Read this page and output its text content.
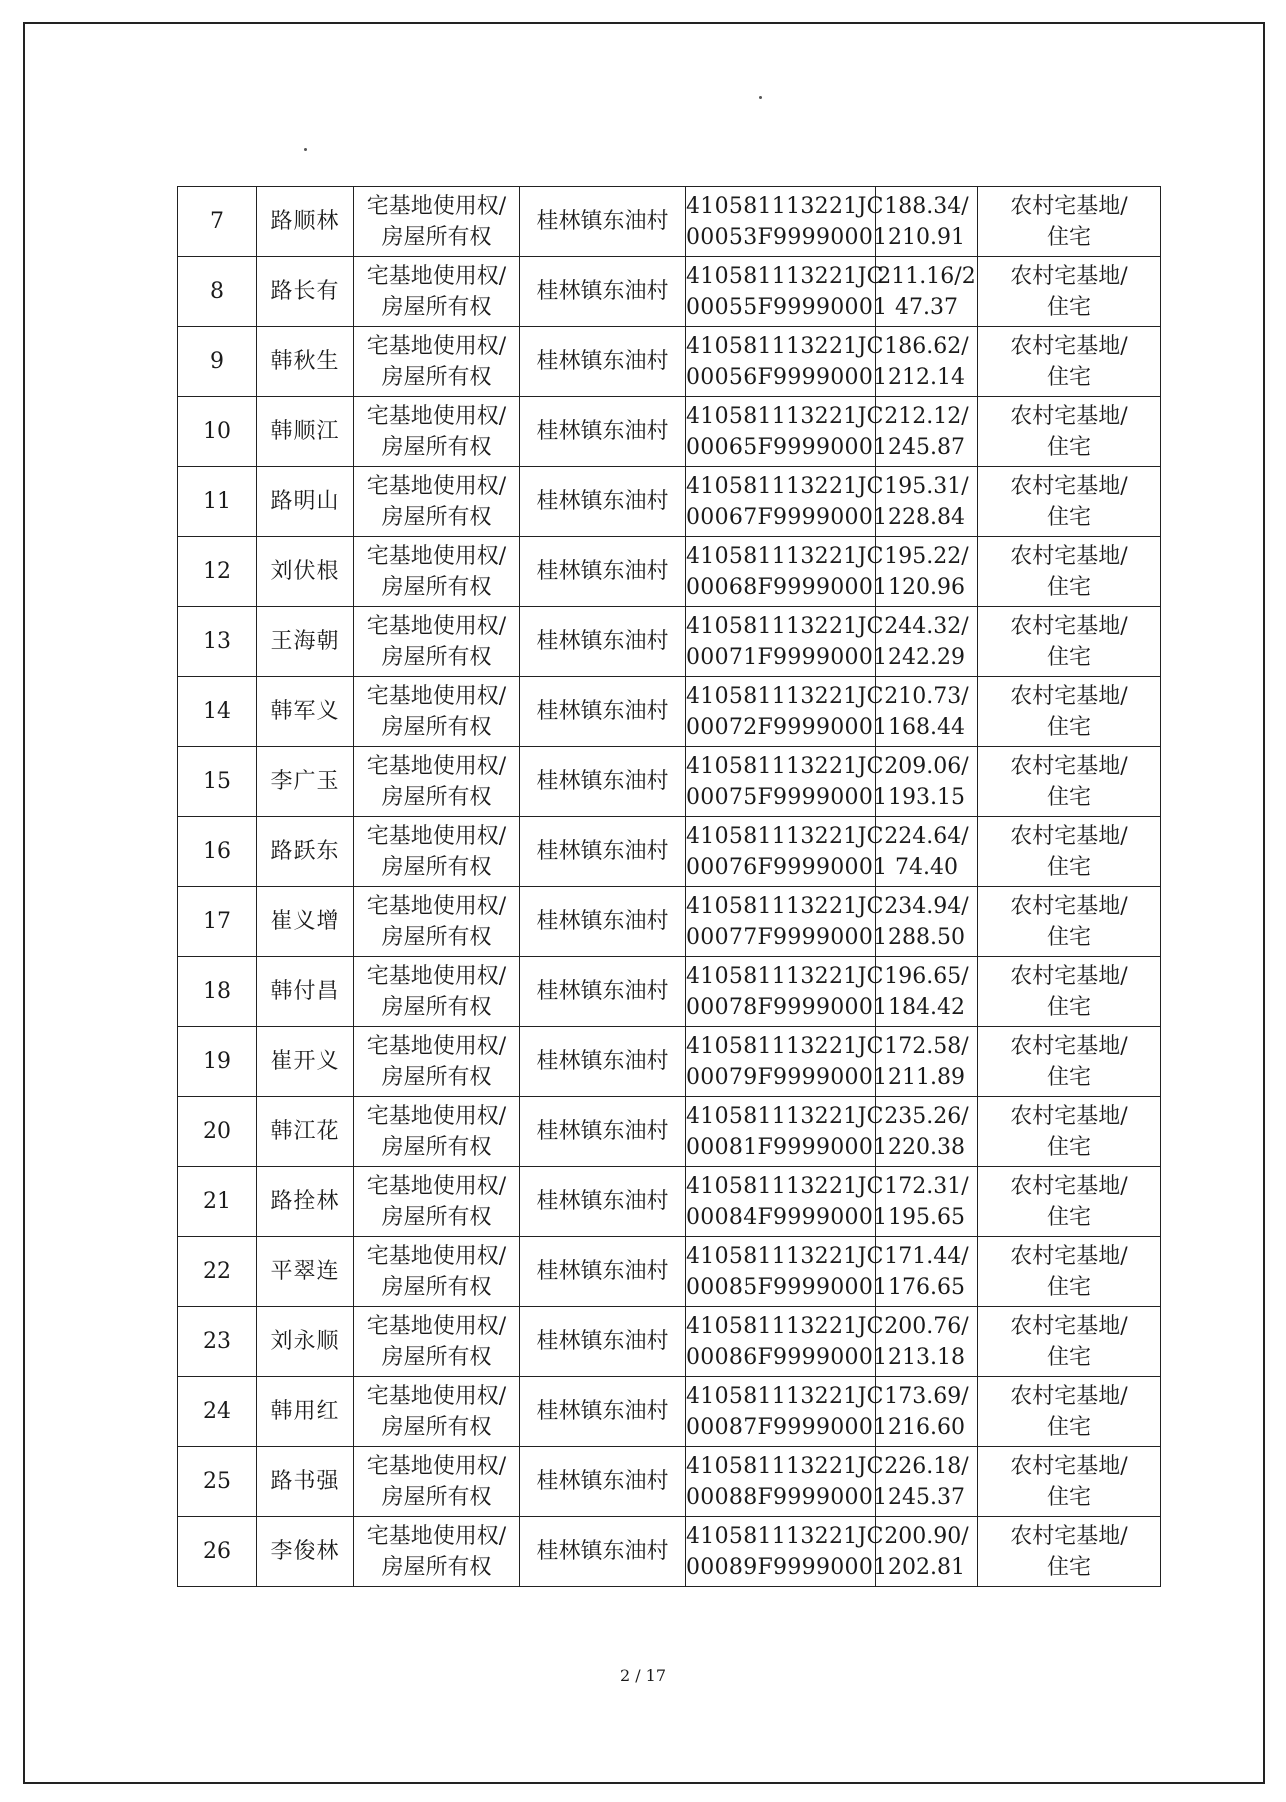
7	路顺林	宅基地使用权/
房屋所有权	桂林镇东油村	410581113221JC
00053F99990001	188.34/
210.91	农村宅基地/
住宅

8	路长有	宅基地使用权/
房屋所有权	桂林镇东油村	410581113221JC
00055F99990001	211.16/2
47.37	农村宅基地/
住宅

9	韩秋生	宅基地使用权/
房屋所有权	桂林镇东油村	410581113221JC
00056F99990001	186.62/
212.14	农村宅基地/
住宅

10	韩顺江	宅基地使用权/
房屋所有权	桂林镇东油村	410581113221JC
00065F99990001	212.12/
245.87	农村宅基地/
住宅

11	路明山	宅基地使用权/
房屋所有权	桂林镇东油村	410581113221JC
00067F99990001	195.31/
228.84	农村宅基地/
住宅

12	刘伏根	宅基地使用权/
房屋所有权	桂林镇东油村	410581113221JC
00068F99990001	195.22/
120.96	农村宅基地/
住宅

13	王海朝	宅基地使用权/
房屋所有权	桂林镇东油村	410581113221JC
00071F99990001	244.32/
242.29	农村宅基地/
住宅

14	韩军义	宅基地使用权/
房屋所有权	桂林镇东油村	410581113221JC
00072F99990001	210.73/
168.44	农村宅基地/
住宅

15	李广玉	宅基地使用权/
房屋所有权	桂林镇东油村	410581113221JC
00075F99990001	209.06/
193.15	农村宅基地/
住宅

16	路跃东	宅基地使用权/
房屋所有权	桂林镇东油村	410581113221JC
00076F99990001	224.64/
74.40	农村宅基地/
住宅

17	崔义增	宅基地使用权/
房屋所有权	桂林镇东油村	410581113221JC
00077F99990001	234.94/
288.50	农村宅基地/
住宅

18	韩付昌	宅基地使用权/
房屋所有权	桂林镇东油村	410581113221JC
00078F99990001	196.65/
184.42	农村宅基地/
住宅

19	崔开义	宅基地使用权/
房屋所有权	桂林镇东油村	410581113221JC
00079F99990001	172.58/
211.89	农村宅基地/
住宅

20	韩江花	宅基地使用权/
房屋所有权	桂林镇东油村	410581113221JC
00081F99990001	235.26/
220.38	农村宅基地/
住宅

21	路拴林	宅基地使用权/
房屋所有权	桂林镇东油村	410581113221JC
00084F99990001	172.31/
195.65	农村宅基地/
住宅

22	平翠连	宅基地使用权/
房屋所有权	桂林镇东油村	410581113221JC
00085F99990001	171.44/
176.65	农村宅基地/
住宅

23	刘永顺	宅基地使用权/
房屋所有权	桂林镇东油村	410581113221JC
00086F99990001	200.76/
213.18	农村宅基地/
住宅

24	韩用红	宅基地使用权/
房屋所有权	桂林镇东油村	410581113221JC
00087F99990001	173.69/
216.60	农村宅基地/
住宅

25	路书强	宅基地使用权/
房屋所有权	桂林镇东油村	410581113221JC
00088F99990001	226.18/
245.37	农村宅基地/
住宅

26	李俊林	宅基地使用权/
房屋所有权	桂林镇东油村	410581113221JC
00089F99990001	200.90/
202.81	农村宅基地/
住宅
2 / 17
